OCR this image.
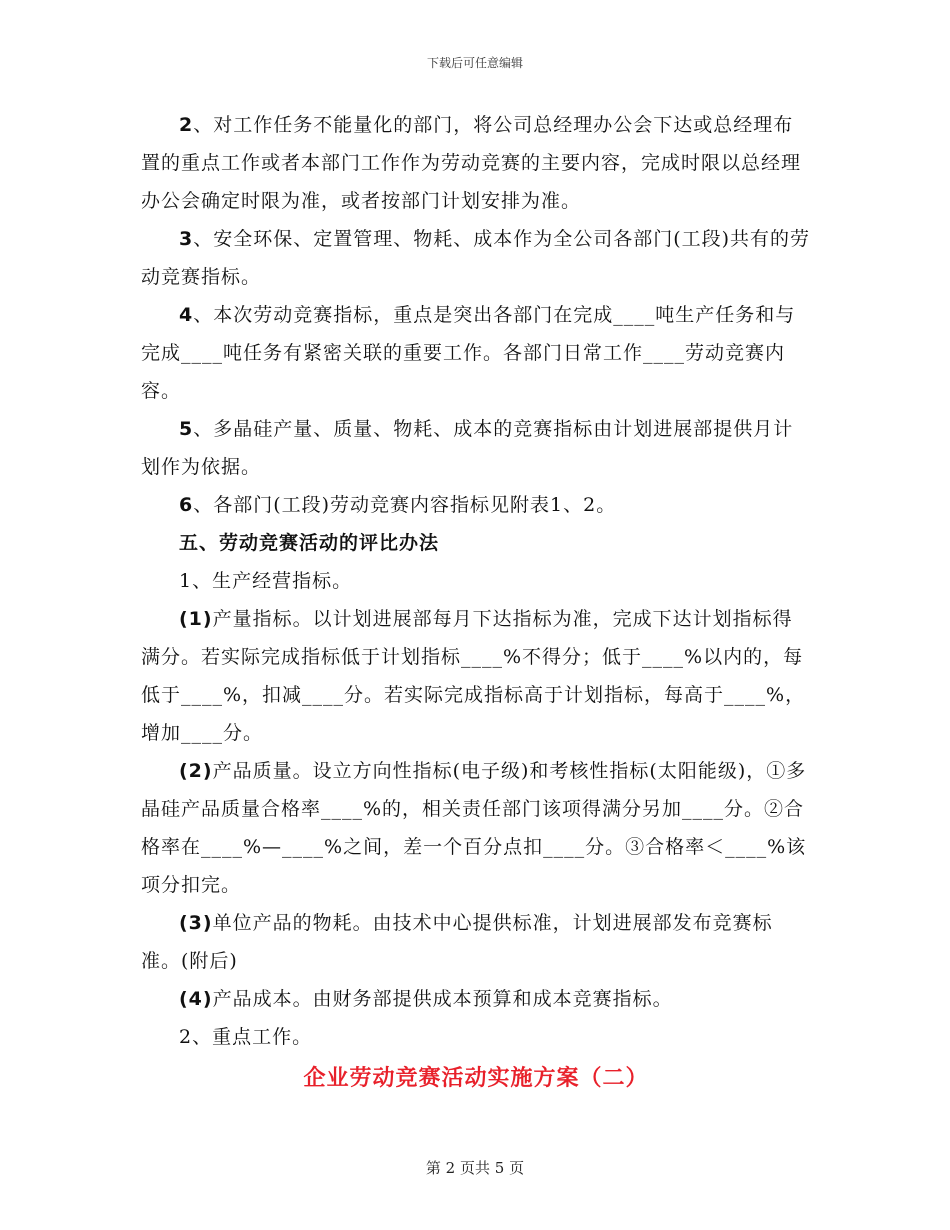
下载后可任意编辑

2、对工作任务不能量化的部门，将公司总经理办公会下达或总经理布置的重点工作或者本部门工作作为劳动竞赛的主要内容，完成时限以总经理办公会确定时限为准，或者按部门计划安排为准。

3、安全环保、定置管理、物耗、成本作为全公司各部门(工段)共有的劳动竞赛指标。

4、本次劳动竞赛指标，重点是突出各部门在完成____吨生产任务和与完成____吨任务有紧密关联的重要工作。各部门日常工作____劳动竞赛内容。

5、多晶硅产量、质量、物耗、成本的竞赛指标由计划进展部提供月计划作为依据。

6、各部门(工段)劳动竞赛内容指标见附表1、2。

五、劳动竞赛活动的评比办法

1、生产经营指标。

(1)产量指标。以计划进展部每月下达指标为准，完成下达计划指标得满分。若实际完成指标低于计划指标____%不得分；低于____%以内的，每低于____%，扣减____分。若实际完成指标高于计划指标，每高于____%，增加____分。

(2)产品质量。设立方向性指标(电子级)和考核性指标(太阳能级)，①多晶硅产品质量合格率____%的，相关责任部门该项得满分另加____分。②合格率在____%—____%之间，差一个百分点扣____分。③合格率＜____%该项分扣完。

(3)单位产品的物耗。由技术中心提供标准，计划进展部发布竞赛标准。(附后)

(4)产品成本。由财务部提供成本预算和成本竞赛指标。

2、重点工作。

企业劳动竞赛活动实施方案（二）

第 2 页共 5 页
